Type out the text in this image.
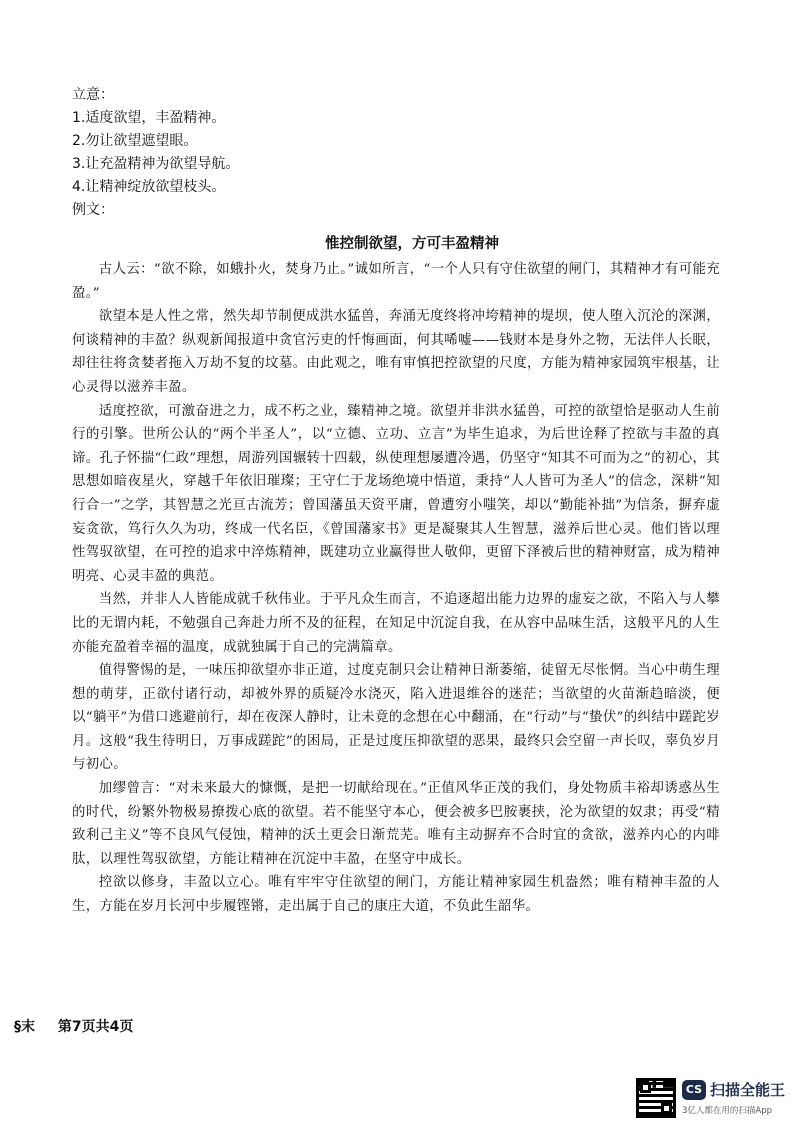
立意：
1.适度欲望，丰盈精神。
2.勿让欲望遮望眼。
3.让充盈精神为欲望导航。
4.让精神绽放欲望枝头。
例文：
惟控制欲望，方可丰盈精神

古人云：“欲不除，如蛾扑火，焚身乃止。”诚如所言，“一个人只有守住欲望的闸门，其精神才有可能充盈。”

欲望本是人性之常，然失却节制便成洪水猛兽，奔涌无度终将冲垮精神的堤坝，使人堕入沉沦的深渊，何谈精神的丰盈？纵观新闻报道中贪官污吏的忏悔画面，何其唏嘘——钱财本是身外之物，无法伴人长眠，却往往将贪婪者拖入万劫不复的坟墓。由此观之，唯有审慎把控欲望的尺度，方能为精神家园筑牢根基，让心灵得以滋养丰盈。

适度控欲，可激奋进之力，成不朽之业，臻精神之境。欲望并非洪水猛兽，可控的欲望恰是驱动人生前行的引擎。世所公认的“两个半圣人”，以“立德、立功、立言”为毕生追求，为后世诠释了控欲与丰盈的真谛。孔子怀揣“仁政”理想，周游列国辗转十四载，纵使理想屡遭冷遇，仍坚守“知其不可而为之”的初心，其思想如暗夜星火，穿越千年依旧璀璨；王守仁于龙场绝境中悟道，秉持“人人皆可为圣人”的信念，深耕“知行合一”之学，其智慧之光亘古流芳；曾国藩虽天资平庸，曾遭穷小嗤笑，却以“勤能补拙”为信条，摒弃虚妄贪欲，笃行久久为功，终成一代名臣，《曾国藩家书》更是凝聚其人生智慧，滋养后世心灵。他们皆以理性驾驭欲望，在可控的追求中淬炼精神，既建功立业赢得世人敬仰，更留下泽被后世的精神财富，成为精神明亮、心灵丰盈的典范。

当然，并非人人皆能成就千秋伟业。于平凡众生而言，不追逐超出能力边界的虚妄之欲，不陷入与人攀比的无谓内耗，不勉强自己奔赴力所不及的征程，在知足中沉淀自我，在从容中品味生活，这般平凡的人生亦能充盈着幸福的温度，成就独属于自己的完满篇章。

值得警惕的是，一味压抑欲望亦非正道，过度克制只会让精神日渐萎缩，徒留无尽怅惘。当心中萌生理想的萌芽，正欲付诸行动，却被外界的质疑冷水浇灭，陷入进退维谷的迷茫；当欲望的火苗渐趋暗淡，便以“躺平”为借口逃避前行，却在夜深人静时，让未竟的念想在心中翻涌，在“行动”与“蛰伏”的纠结中蹉跎岁月。这般“我生待明日，万事成蹉跎”的困局，正是过度压抑欲望的恶果，最终只会空留一声长叹，辜负岁月与初心。

加缪曾言：“对未来最大的慷慨，是把一切献给现在。”正值风华正茂的我们，身处物质丰裕却诱惑丛生的时代，纷繁外物极易撩拨心底的欲望。若不能坚守本心，便会被多巴胺裹挟，沦为欲望的奴隶；再受“精致利己主义”等不良风气侵蚀，精神的沃土更会日渐荒芜。唯有主动摒弃不合时宜的贪欲，滋养内心的内啡肽，以理性驾驭欲望，方能让精神在沉淀中丰盈，在坚守中成长。

控欲以修身，丰盈以立心。唯有牢牢守住欲望的闸门，方能让精神家园生机盎然；唯有精神丰盈的人生，方能在岁月长河中步履铿锵，走出属于自己的康庄大道，不负此生韶华。

§末 第7页共4页
CS 扫描全能王
3亿人都在用的扫描App
